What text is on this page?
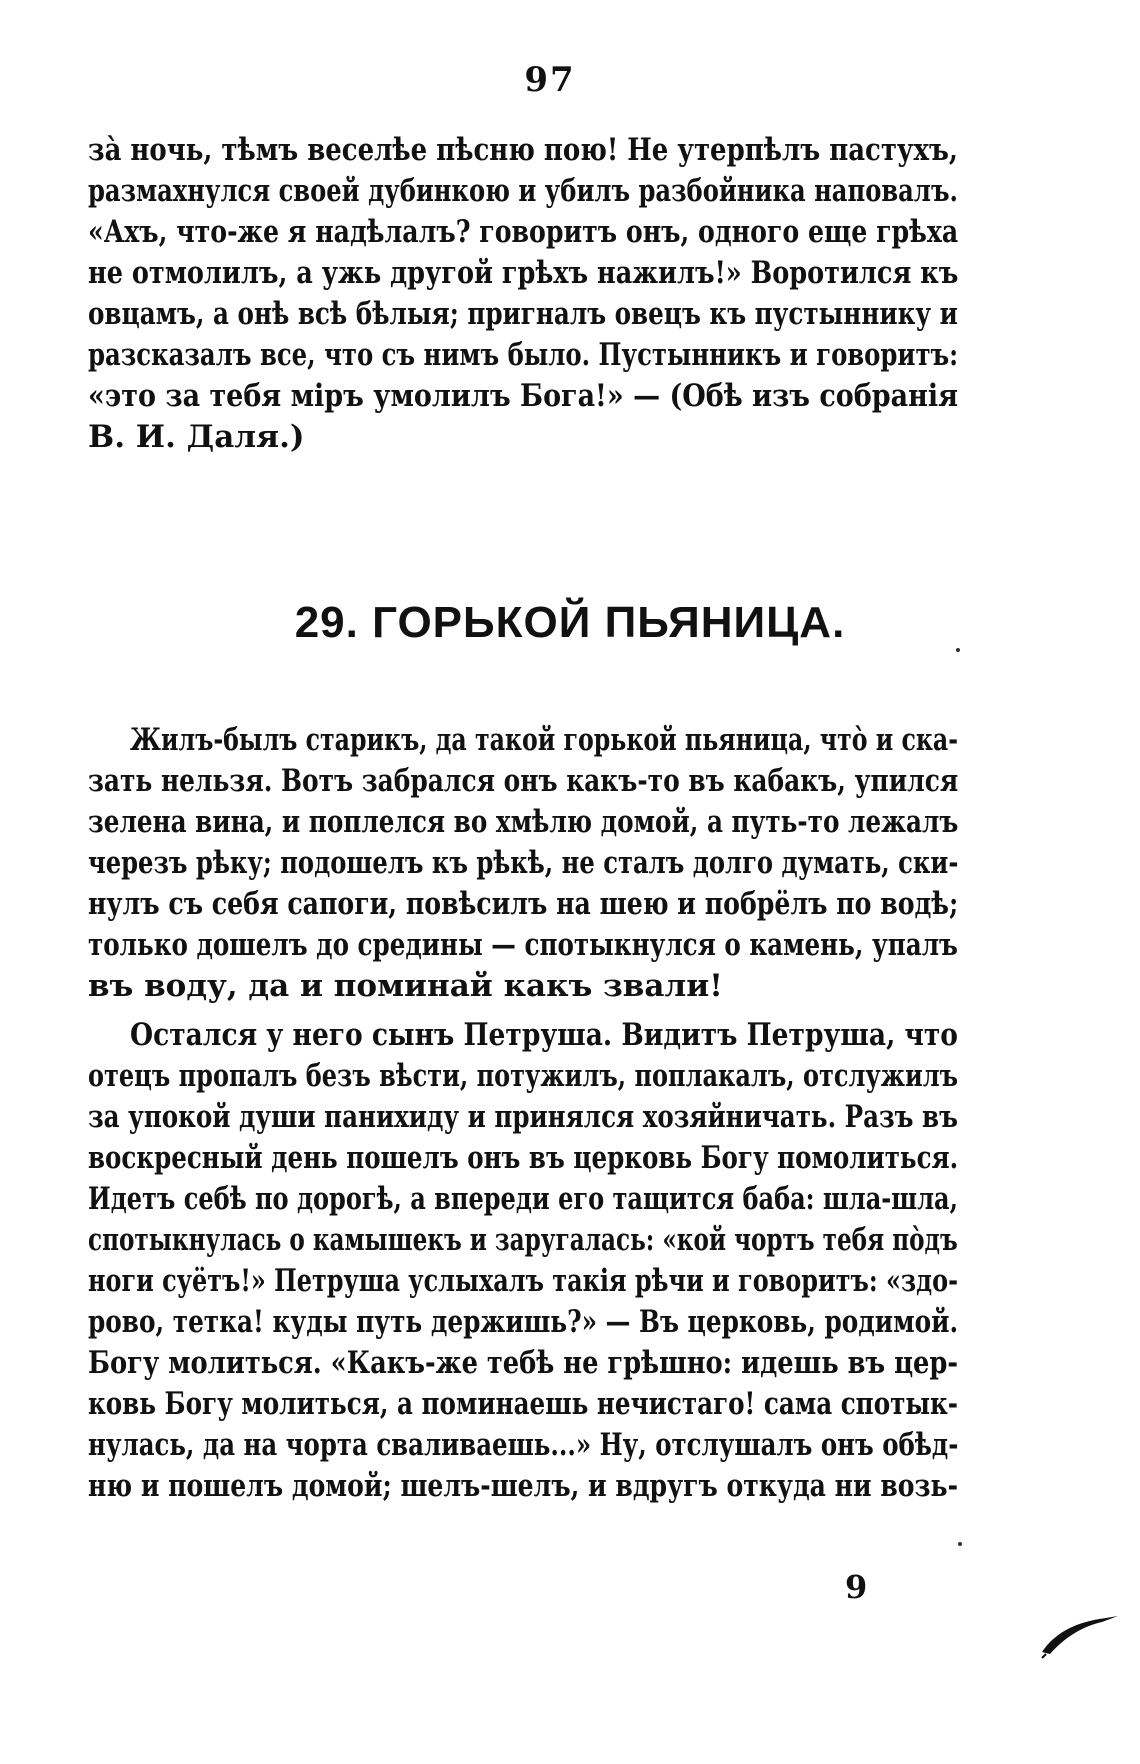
97
зà ночь, тѣмъ веселѣе пѣсню пою! Не утерпѣлъ пастухъ,
размахнулся своей дубинкою и убилъ разбойника наповалъ.
«Ахъ, что-же я надѣлалъ? говоритъ онъ, одного еще грѣха
не отмолилъ, а ужь другой грѣхъ нажилъ!» Воротился къ
овцамъ, а онѣ всѣ бѣлыя; пригналъ овецъ къ пустыннику и
разсказалъ все, что съ нимъ было. Пустынникъ и говоритъ:
«это за тебя міръ умолилъ Бога!» — (Обѣ изъ собранія
В. И. Даля.)
29. ГОРЬКОЙ ПЬЯНИЦА.
Жилъ-былъ старикъ, да такой горькой пьяница, что̀ и ска-
зать нельзя. Вотъ забрался онъ какъ-то въ кабакъ, упился
зелена вина, и поплелся во хмѣлю домой, а путь-то лежалъ
черезъ рѣку; подошелъ къ рѣкѣ, не сталъ долго думать, ски-
нулъ съ себя сапоги, повѣсилъ на шею и побрёлъ по водѣ;
только дошелъ до средины — спотыкнулся о камень, упалъ
въ воду, да и поминай какъ звали!
Остался у него сынъ Петруша. Видитъ Петруша, что
отецъ пропалъ безъ вѣсти, потужилъ, поплакалъ, отслужилъ
за упокой души панихиду и принялся хозяйничать. Разъ въ
воскресный день пошелъ онъ въ церковь Богу помолиться.
Идетъ себѣ по дорогѣ, а впереди его тащится баба: шла-шла,
спотыкнулась о камышекъ и заругалась: «кой чортъ тебя по̀дъ
ноги суётъ!» Петруша услыхалъ такія рѣчи и говоритъ: «здо-
рово, тетка! куды путь держишь?» — Въ церковь, родимой.
Богу молиться. «Какъ-же тебѣ не грѣшно: идешь въ цер-
ковь Богу молиться, а поминаешь нечистаго! сама спотык-
нулась, да на чорта сваливаешь...» Ну, отслушалъ онъ обѣд-
ню и пошелъ домой; шелъ-шелъ, и вдругъ откуда ни возь-
9
